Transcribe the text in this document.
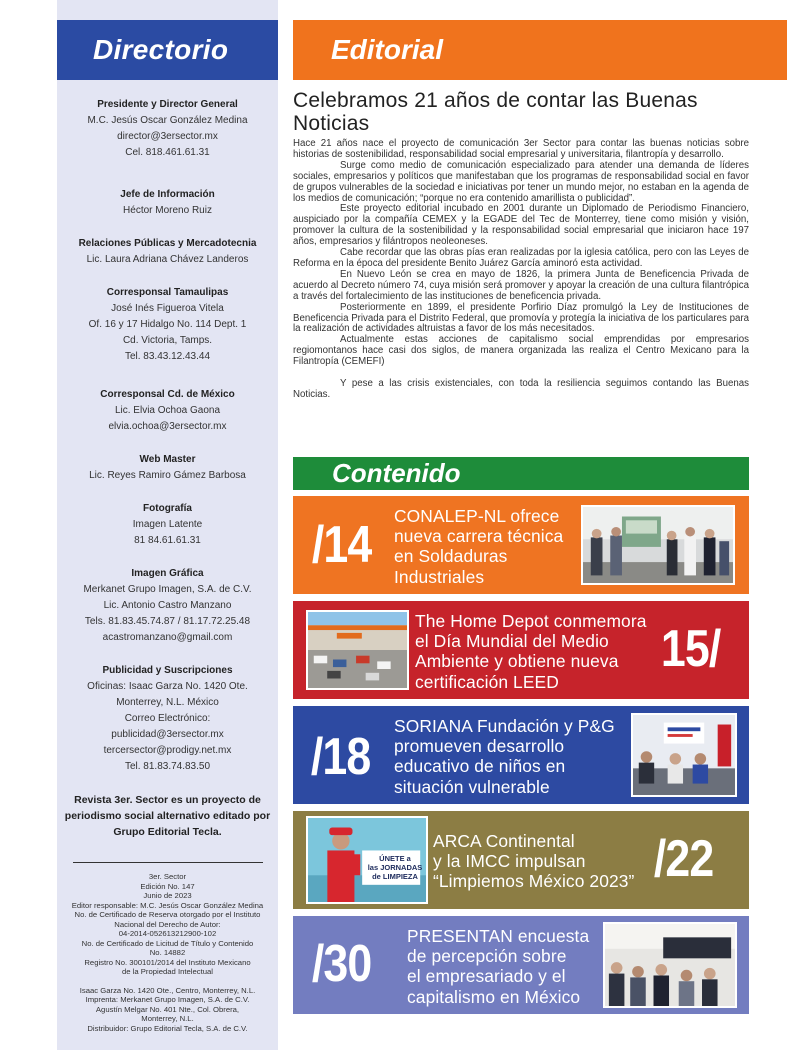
Directorio
Presidente y Director General
M.C. Jesús Oscar González Medina
director@3ersector.mx
Cel. 818.461.61.31
Jefe de Información
Héctor Moreno Ruiz
Relaciones Públicas y Mercadotecnia
Lic. Laura Adriana Chávez Landeros
Corresponsal Tamaulipas
José Inés Figueroa Vitela
Of. 16 y 17 Hidalgo No. 114 Dept. 1
Cd. Victoria, Tamps.
Tel. 83.43.12.43.44
Corresponsal Cd. de México
Lic. Elvia Ochoa Gaona
elvia.ochoa@3ersector.mx
Web Master
Lic. Reyes Ramiro Gámez Barbosa
Fotografía
Imagen Latente
81 84.61.61.31
Imagen Gráfica
Merkanet Grupo Imagen, S.A. de C.V.
Lic. Antonio Castro Manzano
Tels. 81.83.45.74.87 / 81.17.72.25.48
acastromanzano@gmail.com
Publicidad y Suscripciones
Oficinas: Isaac Garza No. 1420 Ote.
Monterrey, N.L. México
Correo Electrónico:
publicidad@3ersector.mx
tercersector@prodigy.net.mx
Tel. 81.83.74.83.50
Revista 3er. Sector es un proyecto de periodismo social alternativo editado por Grupo Editorial Tecla.
3er. Sector
Edición No. 147
Junio de 2023
Editor responsable: M.C. Jesús Oscar González Medina
No. de Certificado de Reserva otorgado por el Instituto
Nacional del Derecho de Autor:
04-2014-052613212900-102
No. de Certificado de Licitud de Título y Contenido
No. 14882
Registro No. 300101/2014 del Instituto Mexicano
de la Propiedad Intelectual
Isaac Garza No. 1420 Ote., Centro, Monterrey, N.L.
Imprenta: Merkanet Grupo Imagen, S.A. de C.V.
Agustín Melgar No. 401 Nte., Col. Obrera,
Monterrey, N.L.
Distribuidor: Grupo Editorial Tecla, S.A. de C.V.
Editorial
Celebramos 21 años de contar las Buenas Noticias

Hace 21 años nace el proyecto de comunicación 3er Sector para contar las buenas noticias sobre historias de sostenibilidad, responsabilidad social empresarial y universitaria, filantropía y desarrollo.

Surge como medio de comunicación especializado para atender una demanda de líderes sociales, empresarios y políticos que manifestaban que los programas de responsabilidad social en favor de grupos vulnerables de la sociedad e iniciativas por tener un mundo mejor, no estaban en la agenda de los medios de comunicación; “porque no era contenido amarillista o publicidad”.

Este proyecto editorial incubado en 2001 durante un Diplomado de Periodismo Financiero, auspiciado por la compañía CEMEX y la EGADE del Tec de Monterrey, tiene como misión y visión, promover la cultura de la sostenibilidad y la responsabilidad social empresarial que iniciaron hace 197 años, empresarios y filántropos neoleoneses.

Cabe recordar que las obras pías eran realizadas por la iglesia católica, pero con las Leyes de Reforma en la época del presidente Benito Juárez García aminoró esta actividad.

En Nuevo León se crea en mayo de 1826, la primera Junta de Beneficencia Privada de acuerdo al Decreto número 74, cuya misión será promover y apoyar la creación de una cultura filantrópica a través del fortalecimiento de las instituciones de beneficencia privada.

Posteriormente en 1899, el presidente Porfirio Díaz promulgó la Ley de Instituciones de Beneficencia Privada para el Distrito Federal, que promovía y protegía la iniciativa de los particulares para la realización de actividades altruistas a favor de los más necesitados.

Actualmente estas acciones de capitalismo social emprendidas por empresarios regiomontanos hace casi dos siglos, de manera organizada las realiza el Centro Mexicano para la Filantropía (CEMEFI)

Y pese a las crisis existenciales, con toda la resiliencia seguimos contando las Buenas Noticias.

Contenido
/14 CONALEP-NL ofrece
nueva carrera técnica
en Soldaduras
Industriales
The Home Depot conmemora
el Día Mundial del Medio
Ambiente y obtiene nueva
certificación LEED
15/
/18
SORIANA Fundación y P&G
promueven desarrollo
educativo de niños en
situación vulnerable
ÚNETE a
las JORNADAS
de LIMPIEZA
ARCA Continental
y la IMCC impulsan
“Limpiemos México 2023” /22
/30 PRESENTAN encuesta
de percepción sobre
el empresariado y el
capitalismo en México
